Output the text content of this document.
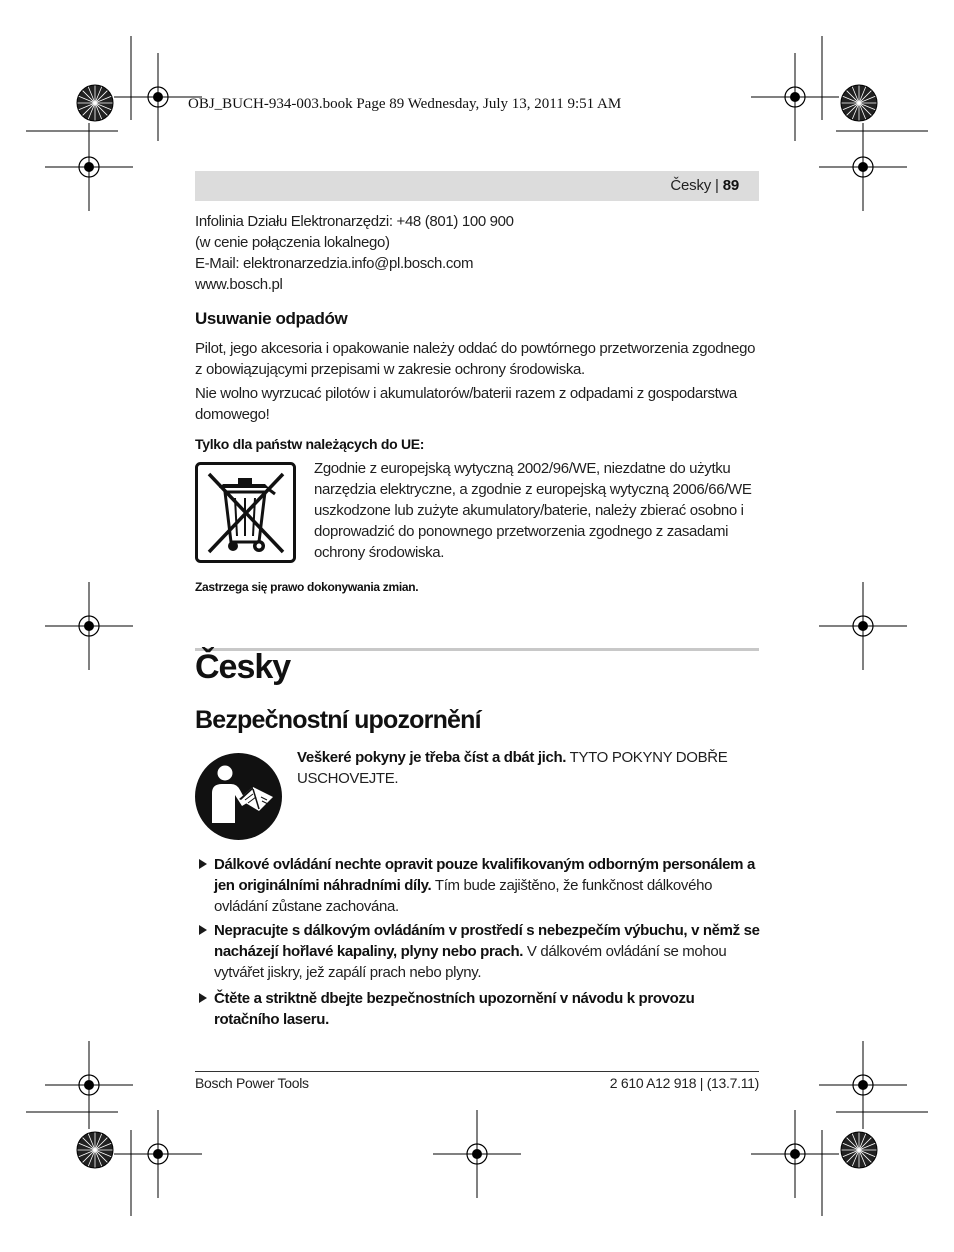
OBJ_BUCH-934-003.book Page 89 Wednesday, July 13, 2011 9:51 AM
Česky | 89
Infolinia Działu Elektronarzędzi: +48 (801) 100 900
(w cenie połączenia lokalnego)
E-Mail: elektronarzedzia.info@pl.bosch.com
www.bosch.pl
Usuwanie odpadów
Pilot, jego akcesoria i opakowanie należy oddać do powtórnego przetworzenia zgodnego z obowiązującymi przepisami w zakresie ochrony środowiska.
Nie wolno wyrzucać pilotów i akumulatorów/baterii razem z odpadami z gospodarstwa domowego!
Tylko dla państw należących do UE:
Zgodnie z europejską wytyczną 2002/96/WE, niezdatne do użytku narzędzia elektryczne, a zgodnie z europejską wytyczną 2006/66/WE uszkodzone lub zużyte akumulatory/baterie, należy zbierać osobno i doprowadzić do ponownego przetworzenia zgodnego z zasadami ochrony środowiska.
Zastrzega się prawo dokonywania zmian.
Česky
Bezpečnostní upozornění
Veškeré pokyny je třeba číst a dbát jich. TYTO POKYNY DOBŘE USCHOVEJTE.
Dálkové ovládání nechte opravit pouze kvalifikovaným odborným personálem a jen originálními náhradními díly. Tím bude zajištěno, že funkčnost dálkového ovládání zůstane zachována.
Nepracujte s dálkovým ovládáním v prostředí s nebezpečím výbuchu, v němž se nacházejí hořlavé kapaliny, plyny nebo prach. V dálkovém ovládání se mohou vytvářet jiskry, jež zapálí prach nebo plyny.
Čtěte a striktně dbejte bezpečnostních upozornění v návodu k provozu rotačního laseru.
Bosch Power Tools	2 610 A12 918 | (13.7.11)
